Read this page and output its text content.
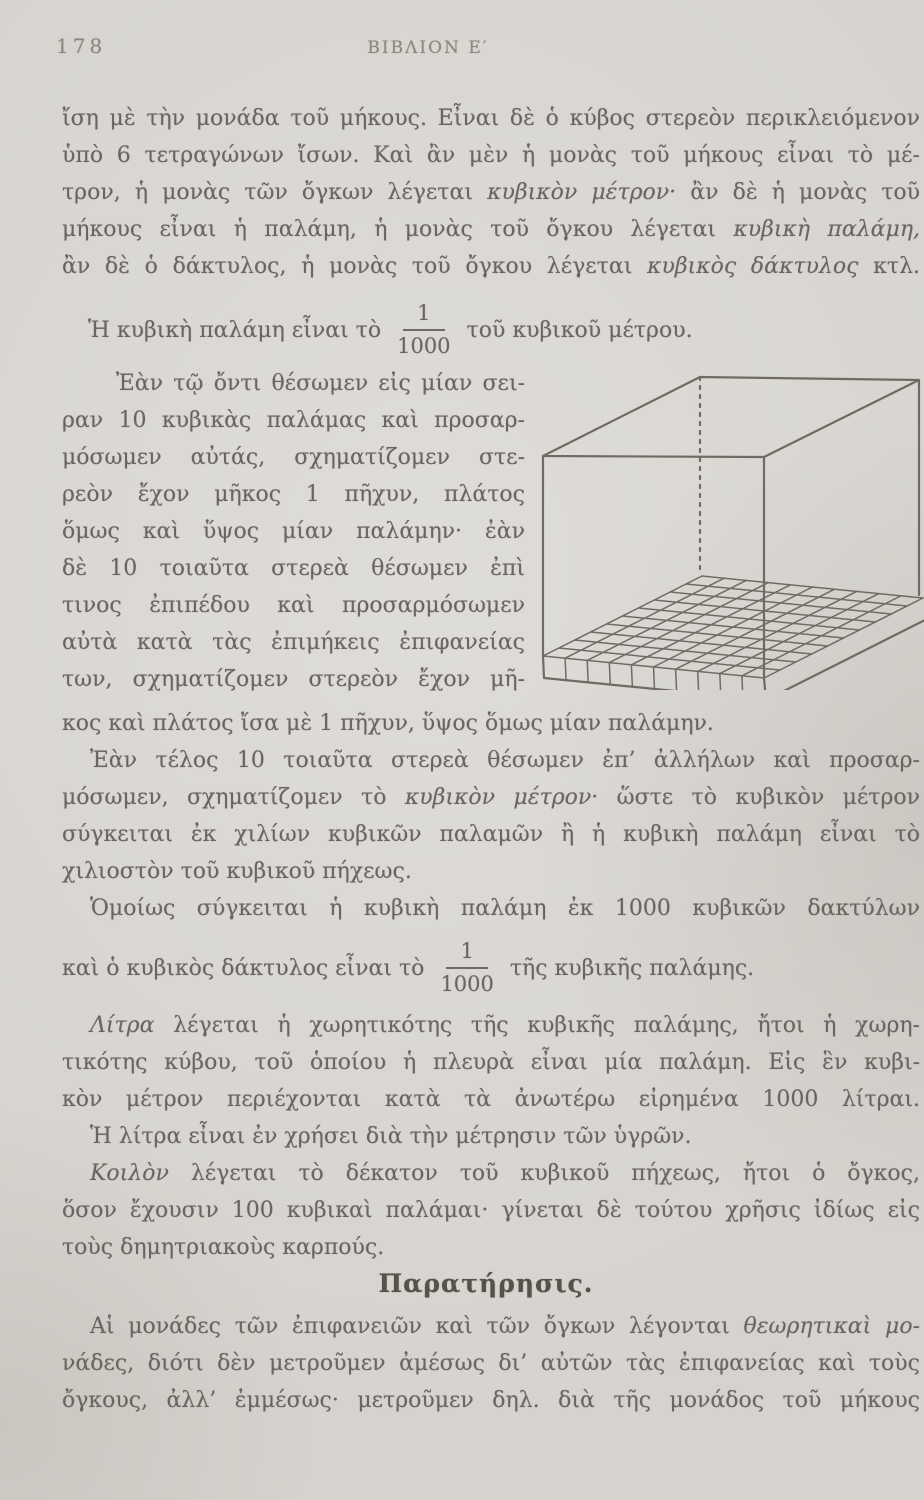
178	ΒΙΒΛΙΟΝ Ε′
ἴση μὲ τὴν μονάδα τοῦ μήκους. Εἶναι δὲ ὁ κύβος στερεὸν περικλειόμενον
ὑπὸ 6 τετραγώνων ἴσων. Καὶ ἂν μὲν ἡ μονὰς τοῦ μήκους εἶναι τὸ μέ-
τρον, ἡ μονὰς τῶν ὄγκων λέγεται κυβικὸν μέτρον· ἂν δὲ ἡ μονὰς τοῦ
μήκους εἶναι ἡ παλάμη, ἡ μονὰς τοῦ ὄγκου λέγεται κυβικὴ παλάμη,
ἂν δὲ ὁ δάκτυλος, ἡ μονὰς τοῦ ὄγκου λέγεται κυβικὸς δάκτυλος κτλ.
Ἡ κυβικὴ παλάμη εἶναι τὸ $\frac{1}{1000}$ τοῦ κυβικοῦ μέτρου.
Ἐὰν τῷ ὄντι θέσωμεν εἰς μίαν σει-
ραν 10 κυβικὰς παλάμας καὶ προσαρ-
μόσωμεν αὐτάς, σχηματίζομεν στε-
ρεὸν ἔχον μῆκος 1 πῆχυν, πλάτος
ὅμως καὶ ὕψος μίαν παλάμην· ἐὰν
δὲ 10 τοιαῦτα στερεὰ θέσωμεν ἐπὶ
τινος ἐπιπέδου καὶ προσαρμόσωμεν
αὐτὰ κατὰ τὰς ἐπιμήκεις ἐπιφανείας
των, σχηματίζομεν στερεὸν ἔχον μῆ-
κος καὶ πλάτος ἴσα μὲ 1 πῆχυν, ὕψος ὅμως μίαν παλάμην.
Ἐὰν τέλος 10 τοιαῦτα στερεὰ θέσωμεν ἐπ’ ἀλλήλων καὶ προσαρ-
μόσωμεν, σχηματίζομεν τὸ κυβικὸν μέτρον· ὥστε τὸ κυβικὸν μέτρον
σύγκειται ἐκ χιλίων κυβικῶν παλαμῶν ἢ ἡ κυβικὴ παλάμη εἶναι τὸ
χιλιοστὸν τοῦ κυβικοῦ πήχεως.
Ὁμοίως σύγκειται ἡ κυβικὴ παλάμη ἐκ 1000 κυβικῶν δακτύλων
καὶ ὁ κυβικὸς δάκτυλος εἶναι τὸ $\frac{1}{1000}$ τῆς κυβικῆς παλάμης.
Λίτρα λέγεται ἡ χωρητικότης τῆς κυβικῆς παλάμης, ἤτοι ἡ χωρη-
τικότης κύβου, τοῦ ὁποίου ἡ πλευρὰ εἶναι μία παλάμη. Εἰς ἓν κυβι-
κὸν μέτρον περιέχονται κατὰ τὰ ἀνωτέρω εἰρημένα 1000 λίτραι.
Ἡ λίτρα εἶναι ἐν χρήσει διὰ τὴν μέτρησιν τῶν ὑγρῶν.
Κοιλὸν λέγεται τὸ δέκατον τοῦ κυβικοῦ πήχεως, ἤτοι ὁ ὄγκος,
ὅσον ἔχουσιν 100 κυβικαὶ παλάμαι· γίνεται δὲ τούτου χρῆσις ἰδίως εἰς
τοὺς δημητριακοὺς καρπούς.
Παρατήρησις.
Αἱ μονάδες τῶν ἐπιφανειῶν καὶ τῶν ὄγκων λέγονται θεωρητικαὶ μο-
νάδες, διότι δὲν μετροῦμεν ἀμέσως δι’ αὐτῶν τὰς ἐπιφανείας καὶ τοὺς
ὄγκους, ἀλλ’ ἐμμέσως· μετροῦμεν δηλ. διὰ τῆς μονάδος τοῦ μήκους
